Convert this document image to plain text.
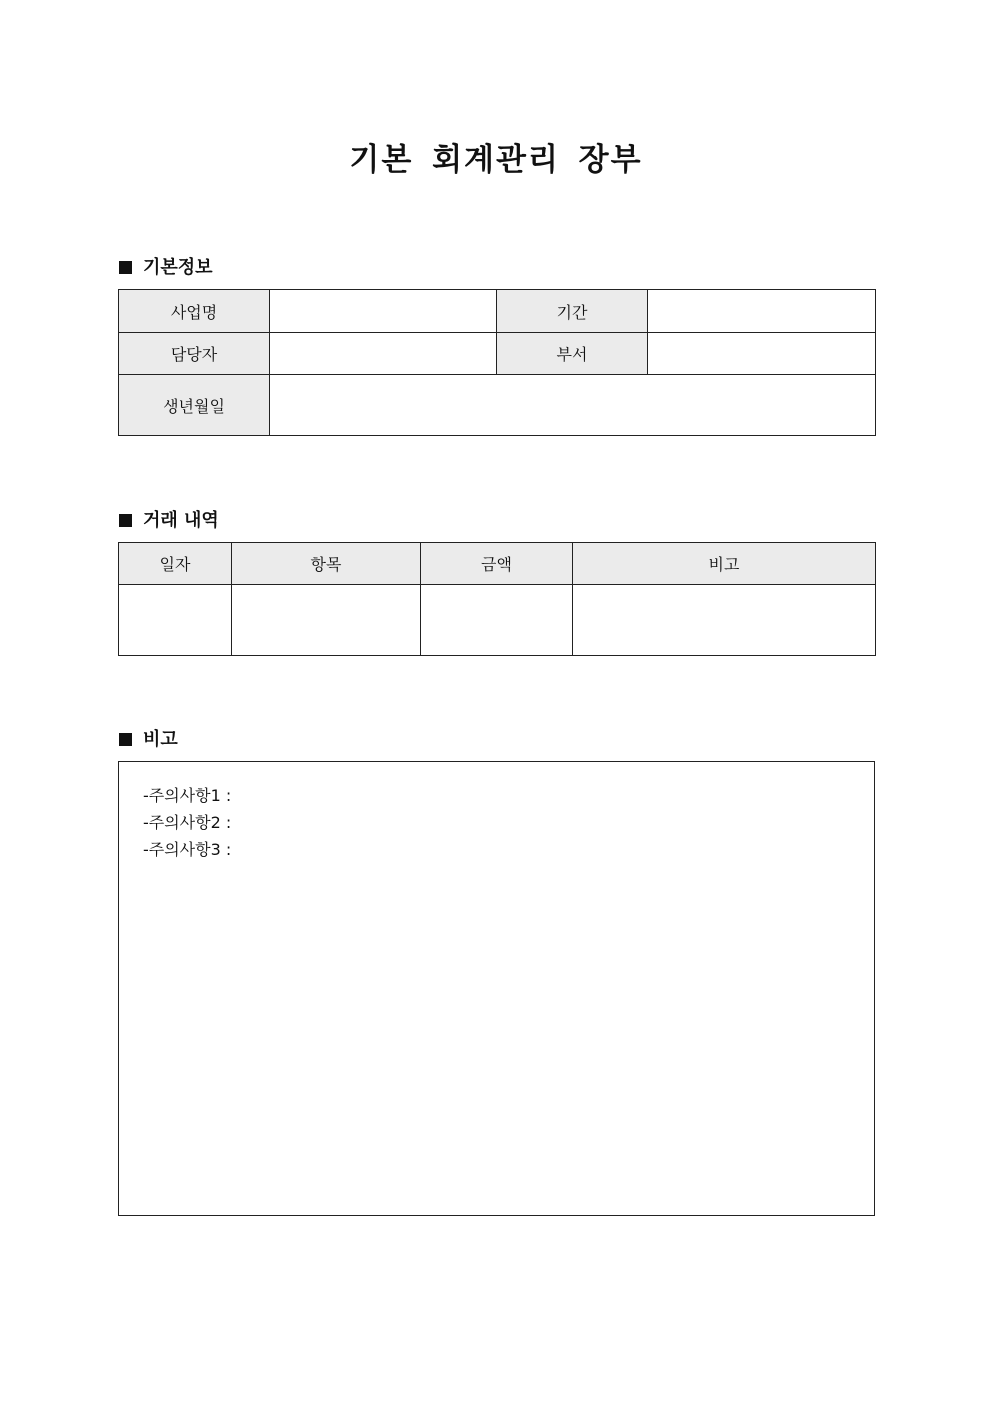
기본 회계관리 장부
기본정보
사업명		기간	
담당자		부서	
생년월일			
거래 내역
일자	항목	금액	비고

비고
-주의사항1 :
-주의사항2 :
-주의사항3 :
